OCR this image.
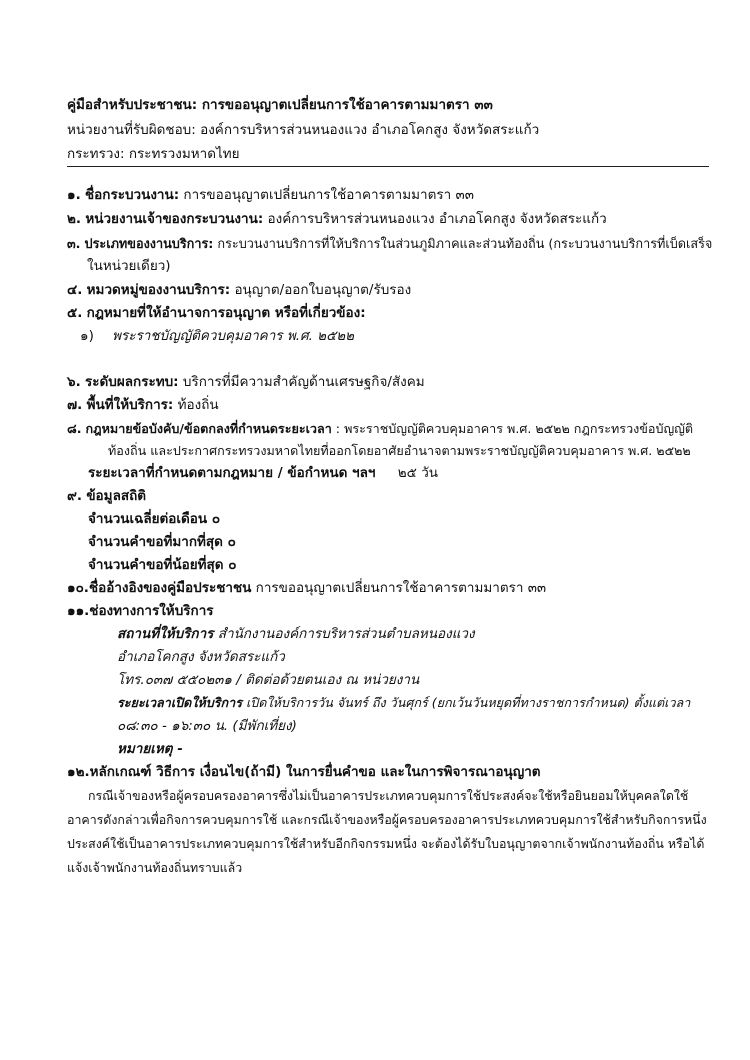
คู่มือสำหรับประชาชน: การขออนุญาตเปลี่ยนการใช้อาคารตามมาตรา ๓๓
หน่วยงานที่รับผิดชอบ: องค์การบริหารส่วนหนองแวง อำเภอโคกสูง จังหวัดสระแก้ว
กระทรวง: กระทรวงมหาดไทย
๑. ชื่อกระบวนงาน: การขออนุญาตเปลี่ยนการใช้อาคารตามมาตรา ๓๓
๒. หน่วยงานเจ้าของกระบวนงาน: องค์การบริหารส่วนหนองแวง อำเภอโคกสูง จังหวัดสระแก้ว
๓. ประเภทของงานบริการ: กระบวนงานบริการที่ให้บริการในส่วนภูมิภาคและส่วนท้องถิ่น (กระบวนงานบริการที่เบ็ดเสร็จ
ในหน่วยเดียว)
๔. หมวดหมู่ของงานบริการ: อนุญาต/ออกใบอนุญาต/รับรอง
๕. กฎหมายที่ให้อำนาจการอนุญาต หรือที่เกี่ยวข้อง:
๑) พระราชบัญญัติควบคุมอาคาร พ.ศ. ๒๕๒๒
๖. ระดับผลกระทบ: บริการที่มีความสำคัญด้านเศรษฐกิจ/สังคม
๗. พื้นที่ให้บริการ: ท้องถิ่น
๘. กฎหมายข้อบังคับ/ข้อตกลงที่กำหนดระยะเวลา : พระราชบัญญัติควบคุมอาคาร พ.ศ. ๒๕๒๒ กฎกระทรวงข้อบัญญัติ
ท้องถิ่น และประกาศกระทรวงมหาดไทยที่ออกโดยอาศัยอำนาจตามพระราชบัญญัติควบคุมอาคาร พ.ศ. ๒๕๒๒
ระยะเวลาที่กำหนดตามกฎหมาย / ข้อกำหนด ฯลฯ ๒๕ วัน
๙. ข้อมูลสถิติ
จำนวนเฉลี่ยต่อเดือน ๐
จำนวนคำขอที่มากที่สุด ๐
จำนวนคำขอที่น้อยที่สุด ๐
๑๐.ชื่ออ้างอิงของคู่มือประชาชน การขออนุญาตเปลี่ยนการใช้อาคารตามมาตรา ๓๓
๑๑.ช่องทางการให้บริการ
สถานที่ให้บริการ สำนักงานองค์การบริหารส่วนตำบลหนองแวง
อำเภอโคกสูง จังหวัดสระแก้ว
โทร.๐๓๗ ๕๕๐๒๓๑ / ติดต่อด้วยตนเอง ณ หน่วยงาน
ระยะเวลาเปิดให้บริการ เปิดให้บริการวัน จันทร์ ถึง วันศุกร์ (ยกเว้นวันหยุดที่ทางราชการกำหนด) ตั้งแต่เวลา
๐๘:๓๐ - ๑๖:๓๐ น. (มีพักเที่ยง)
หมายเหตุ -
๑๒.หลักเกณฑ์ วิธีการ เงื่อนไข(ถ้ามี) ในการยื่นคำขอ และในการพิจารณาอนุญาต
กรณีเจ้าของหรือผู้ครอบครองอาคารซึ่งไม่เป็นอาคารประเภทควบคุมการใช้ประสงค์จะใช้หรือยินยอมให้บุคคลใดใช้
อาคารดังกล่าวเพื่อกิจการควบคุมการใช้ และกรณีเจ้าของหรือผู้ครอบครองอาคารประเภทควบคุมการใช้สำหรับกิจการหนึ่ง
ประสงค์ใช้เป็นอาคารประเภทควบคุมการใช้สำหรับอีกกิจกรรมหนึ่ง จะต้องได้รับใบอนุญาตจากเจ้าพนักงานท้องถิ่น หรือได้
แจ้งเจ้าพนักงานท้องถิ่นทราบแล้ว
